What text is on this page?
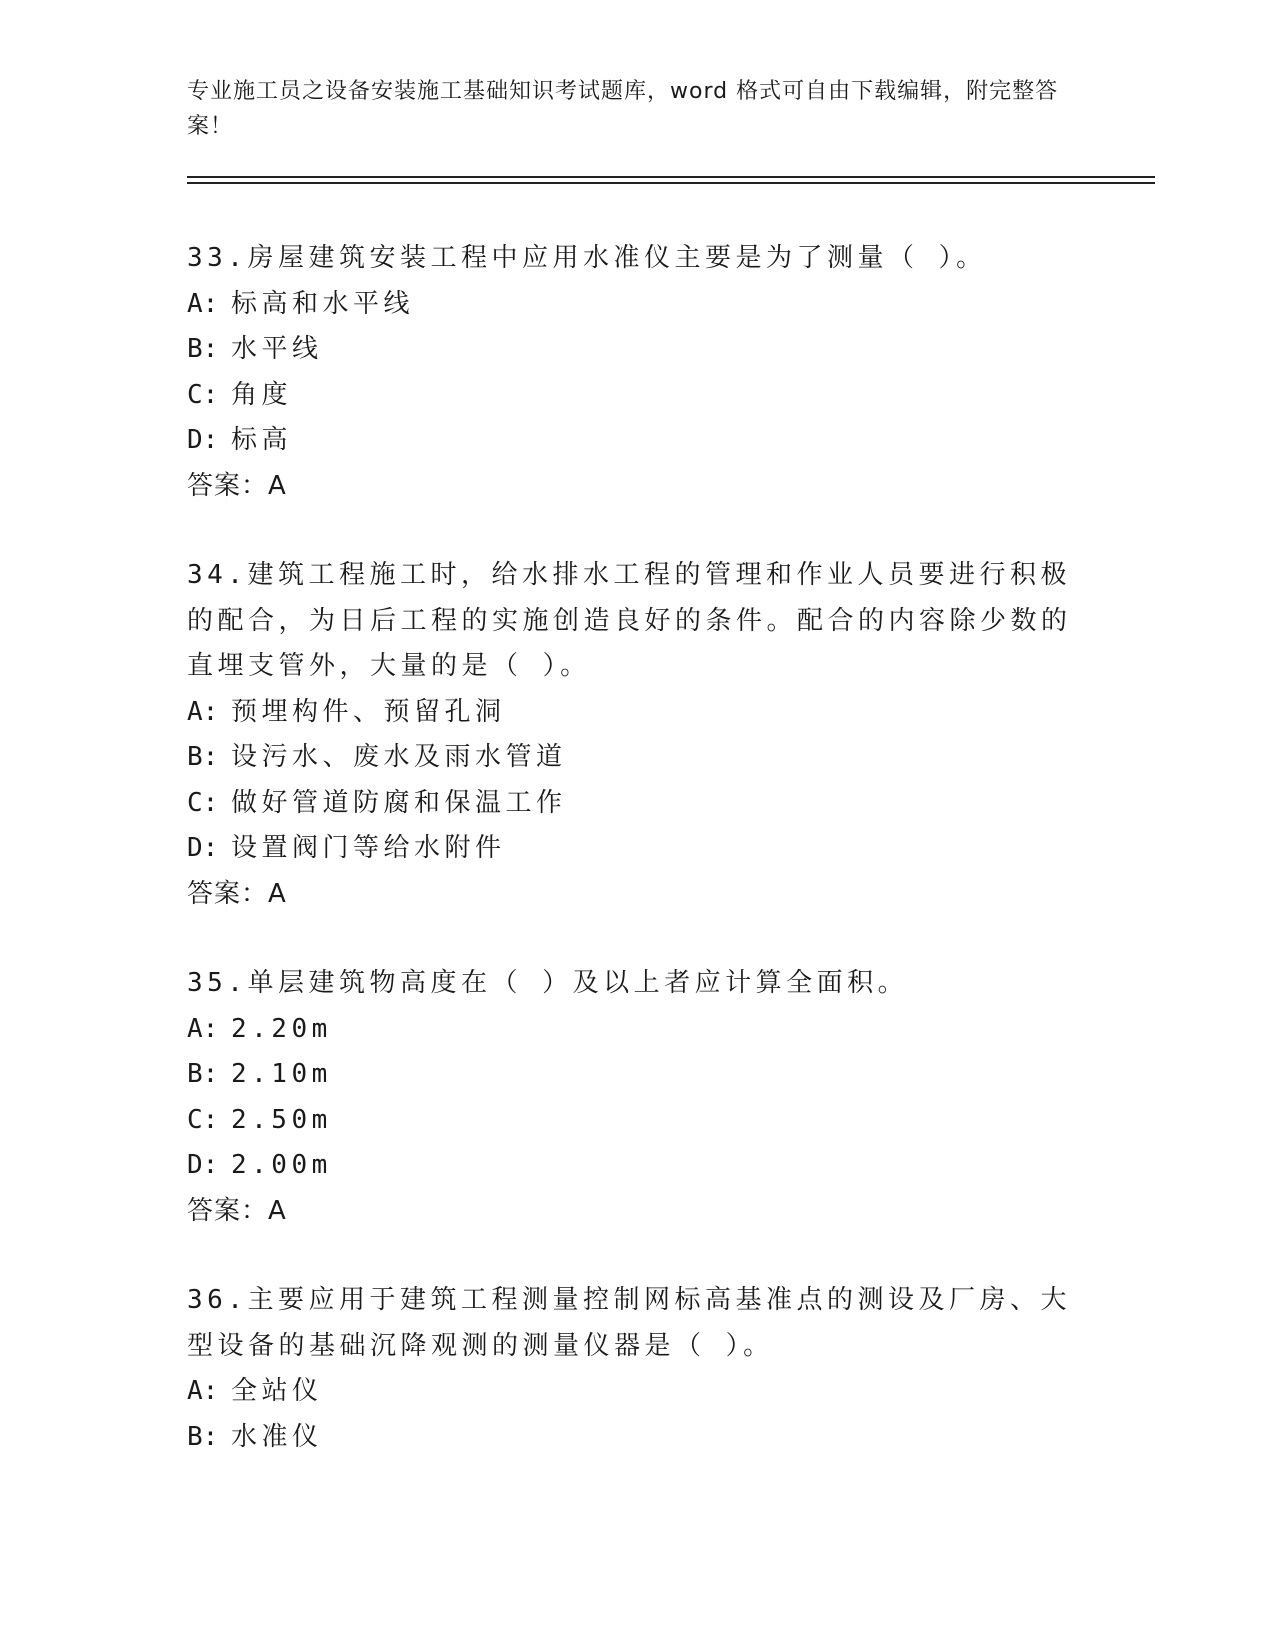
专业施工员之设备安装施工基础知识考试题库，word 格式可自由下载编辑，附完整答案！

33.房屋建筑安装工程中应用水准仪主要是为了测量（ ）。

A: 标高和水平线

B: 水平线

C: 角度

D: 标高

答案：A

34.建筑工程施工时，给水排水工程的管理和作业人员要进行积极的配合，为日后工程的实施创造良好的条件。配合的内容除少数的直埋支管外，大量的是（ ）。

A: 预埋构件、预留孔洞

B: 设污水、废水及雨水管道

C: 做好管道防腐和保温工作

D: 设置阀门等给水附件

答案：A

35.单层建筑物高度在（ ）及以上者应计算全面积。

A: 2.20m

B: 2.10m

C: 2.50m

D: 2.00m

答案：A

36.主要应用于建筑工程测量控制网标高基准点的测设及厂房、大型设备的基础沉降观测的测量仪器是（ ）。

A: 全站仪

B: 水准仪
